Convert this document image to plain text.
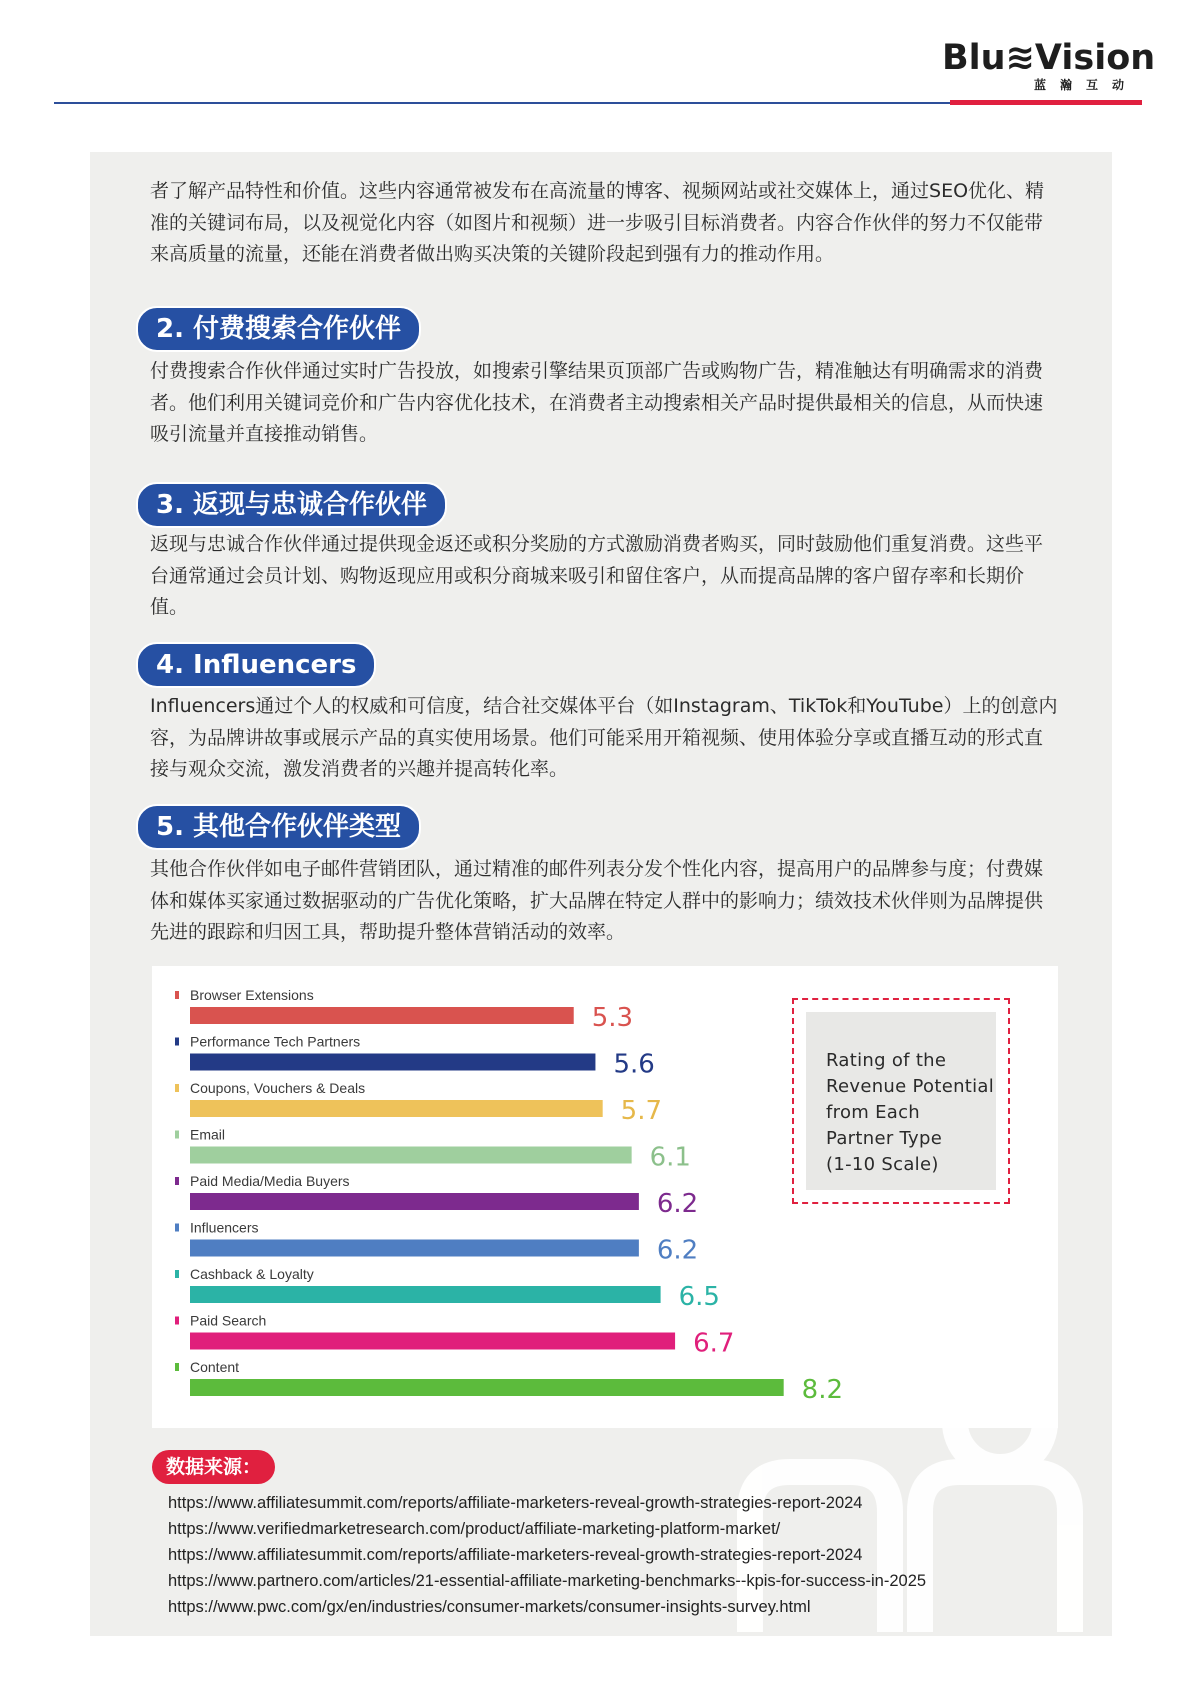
Blu≋Vision
蓝瀚互动
者了解产品特性和价值。这些内容通常被发布在高流量的博客、视频网站或社交媒体上，通过SEO优化、精准的关键词布局，以及视觉化内容（如图片和视频）进一步吸引目标消费者。内容合作伙伴的努力不仅能带来高质量的流量，还能在消费者做出购买决策的关键阶段起到强有力的推动作用。
2. 付费搜索合作伙伴
付费搜索合作伙伴通过实时广告投放，如搜索引擎结果页顶部广告或购物广告，精准触达有明确需求的消费者。他们利用关键词竞价和广告内容优化技术，在消费者主动搜索相关产品时提供最相关的信息，从而快速吸引流量并直接推动销售。
3. 返现与忠诚合作伙伴
返现与忠诚合作伙伴通过提供现金返还或积分奖励的方式激励消费者购买，同时鼓励他们重复消费。这些平台通常通过会员计划、购物返现应用或积分商城来吸引和留住客户，从而提高品牌的客户留存率和长期价值。
4. Influencers
Influencers通过个人的权威和可信度，结合社交媒体平台（如Instagram、TikTok和YouTube）上的创意内容，为品牌讲故事或展示产品的真实使用场景。他们可能采用开箱视频、使用体验分享或直播互动的形式直接与观众交流，激发消费者的兴趣并提高转化率。
5. 其他合作伙伴类型
其他合作伙伴如电子邮件营销团队，通过精准的邮件列表分发个性化内容，提高用户的品牌参与度；付费媒体和媒体买家通过数据驱动的广告优化策略，扩大品牌在特定人群中的影响力；绩效技术伙伴则为品牌提供先进的跟踪和归因工具，帮助提升整体营销活动的效率。
Browser Extensions
5.3
Performance Tech Partners
5.6
Coupons, Vouchers & Deals
5.7
Email
6.1
Paid Media/Media Buyers
6.2
Influencers
6.2
Cashback & Loyalty
6.5
Paid Search
6.7
Content
8.2
Rating of the
Revenue Potential
from Each
Partner Type
(1-10 Scale)
数据来源：
https://www.affiliatesummit.com/reports/affiliate-marketers-reveal-growth-strategies-report-2024
https://www.verifiedmarketresearch.com/product/affiliate-marketing-platform-market/
https://www.affiliatesummit.com/reports/affiliate-marketers-reveal-growth-strategies-report-2024
https://www.partnero.com/articles/21-essential-affiliate-marketing-benchmarks--kpis-for-success-in-2025
https://www.pwc.com/gx/en/industries/consumer-markets/consumer-insights-survey.html
